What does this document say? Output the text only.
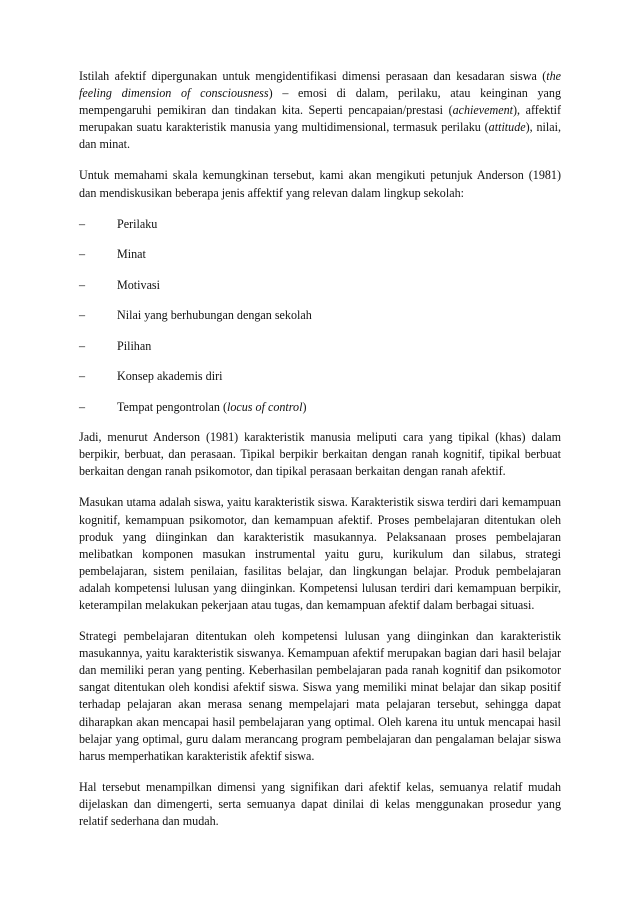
Istilah afektif dipergunakan untuk mengidentifikasi dimensi perasaan dan kesadaran siswa (the feeling dimension of consciousness) – emosi di dalam, perilaku, atau keinginan yang mempengaruhi pemikiran dan tindakan kita. Seperti pencapaian/prestasi (achievement), affektif merupakan suatu karakteristik manusia yang multidimensional, termasuk perilaku (attitude), nilai, dan minat.

Untuk memahami skala kemungkinan tersebut, kami akan mengikuti petunjuk Anderson (1981) dan mendiskusikan beberapa jenis affektif yang relevan dalam lingkup sekolah:

–	Perilaku
–	Minat
–	Motivasi
–	Nilai yang berhubungan dengan sekolah
–	Pilihan
–	Konsep akademis diri
–	Tempat pengontrolan (locus of control)

Jadi, menurut Anderson (1981) karakteristik manusia meliputi cara yang tipikal (khas) dalam berpikir, berbuat, dan perasaan. Tipikal berpikir berkaitan dengan ranah kognitif, tipikal berbuat berkaitan dengan ranah psikomotor, dan tipikal perasaan berkaitan dengan ranah afektif.

Masukan utama adalah siswa, yaitu karakteristik siswa. Karakteristik siswa terdiri dari kemampuan kognitif, kemampuan psikomotor, dan kemampuan afektif. Proses pembelajaran ditentukan oleh produk yang diinginkan dan karakteristik masukannya. Pelaksanaan proses pembelajaran melibatkan komponen masukan instrumental yaitu guru, kurikulum dan silabus, strategi pembelajaran, sistem penilaian, fasilitas belajar, dan lingkungan belajar. Produk pembelajaran adalah kompetensi lulusan yang diinginkan. Kompetensi lulusan terdiri dari kemampuan berpikir, keterampilan melakukan pekerjaan atau tugas, dan kemampuan afektif dalam berbagai situasi.

Strategi pembelajaran ditentukan oleh kompetensi lulusan yang diinginkan dan karakteristik masukannya, yaitu karakteristik siswanya. Kemampuan afektif merupakan bagian dari hasil belajar dan memiliki peran yang penting. Keberhasilan pembelajaran pada ranah kognitif dan psikomotor sangat ditentukan oleh kondisi afektif siswa. Siswa yang memiliki minat belajar dan sikap positif terhadap pelajaran akan merasa senang mempelajari mata pelajaran tersebut, sehingga dapat diharapkan akan mencapai hasil pembelajaran yang optimal. Oleh karena itu untuk mencapai hasil belajar yang optimal, guru dalam merancang program pembelajaran dan pengalaman belajar siswa harus memperhatikan karakteristik afektif siswa.

Hal tersebut menampilkan dimensi yang signifikan dari afektif kelas, semuanya relatif mudah dijelaskan dan dimengerti, serta semuanya dapat dinilai di kelas menggunakan prosedur yang relatif sederhana dan mudah.
